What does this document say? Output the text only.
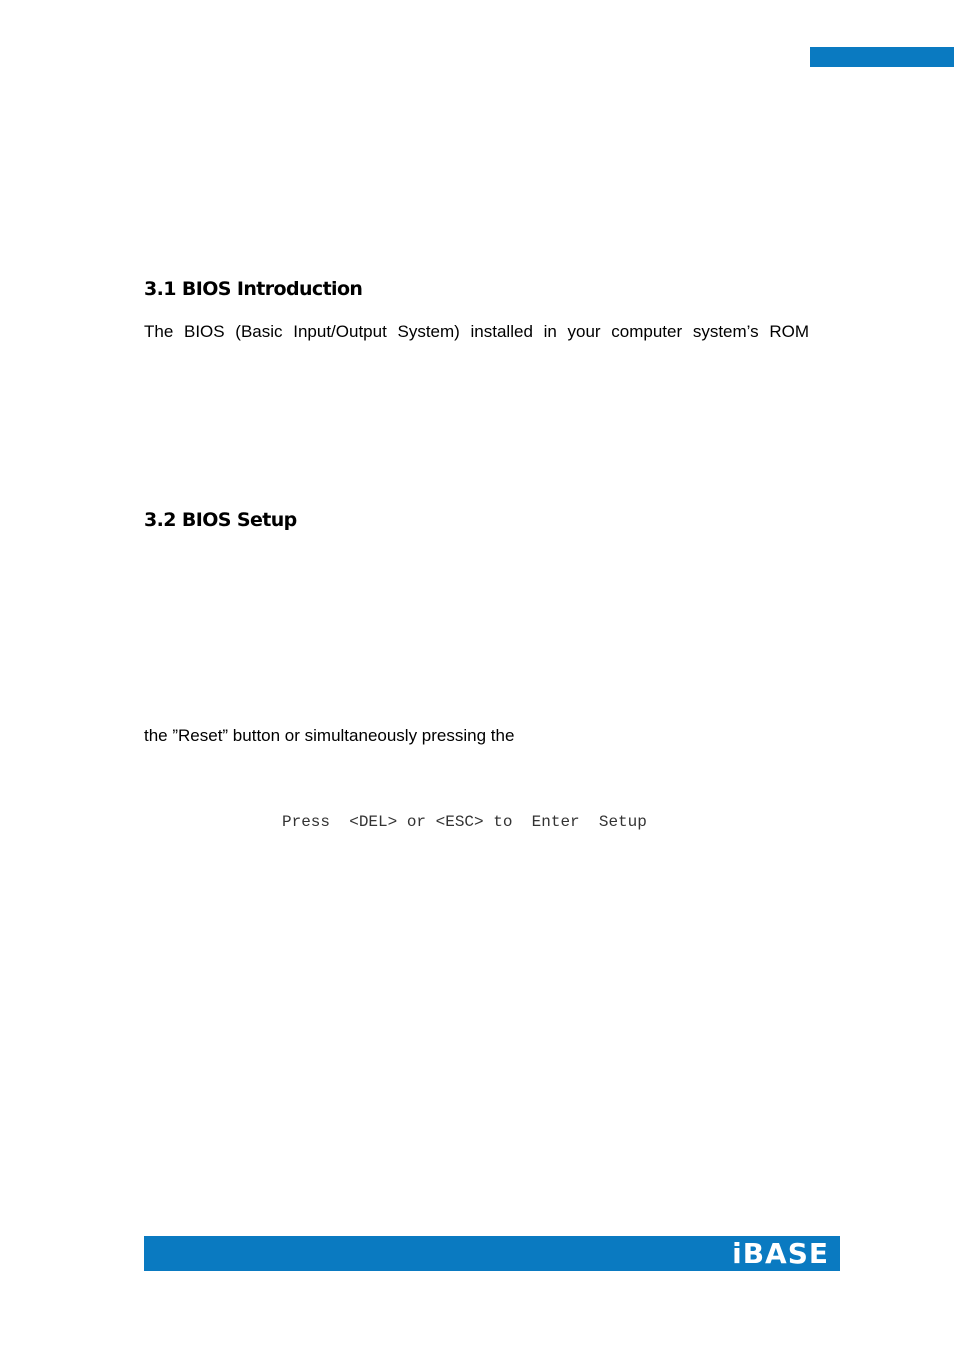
3.1 BIOS Introduction

The BIOS (Basic Input/Output System) installed in your computer system’s ROM

3.2 BIOS Setup

the ”Reset” button or simultaneously pressing the

Press  <DEL> or <ESC> to  Enter  Setup
iBASE
